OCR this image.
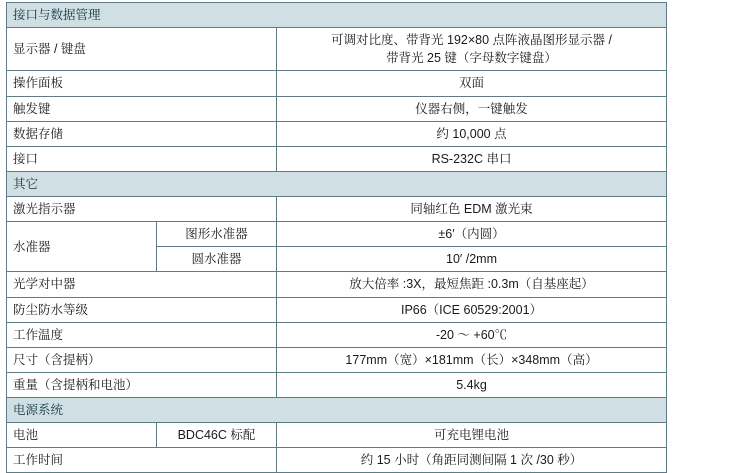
接口与数据管理		
显示器 / 键盘		可调对比度、带背光 192×80 点阵液晶图形显示器 /
带背光 25 键（字母数字键盘）
操作面板		双面
触发键		仪器右侧，一键触发
数据存储		约 10,000 点
接口		RS-232C 串口
其它		
激光指示器		同轴红色 EDM 激光束
水准器	图形水准器	±6′（内圆）
	圆水准器	10′ /2mm
光学对中器		放大倍率 :3X，最短焦距 :0.3m（自基座起）
防尘防水等级		IP66（ICE 60529:2001）
工作温度		-20 ～ +60℃
尺寸（含提柄）		177mm（宽）×181mm（长）×348mm（高）
重量（含提柄和电池）		5.4kg
电源系统		
电池	BDC46C 标配	可充电锂电池
工作时间		约 15 小时（角距同测间隔 1 次 /30 秒）
